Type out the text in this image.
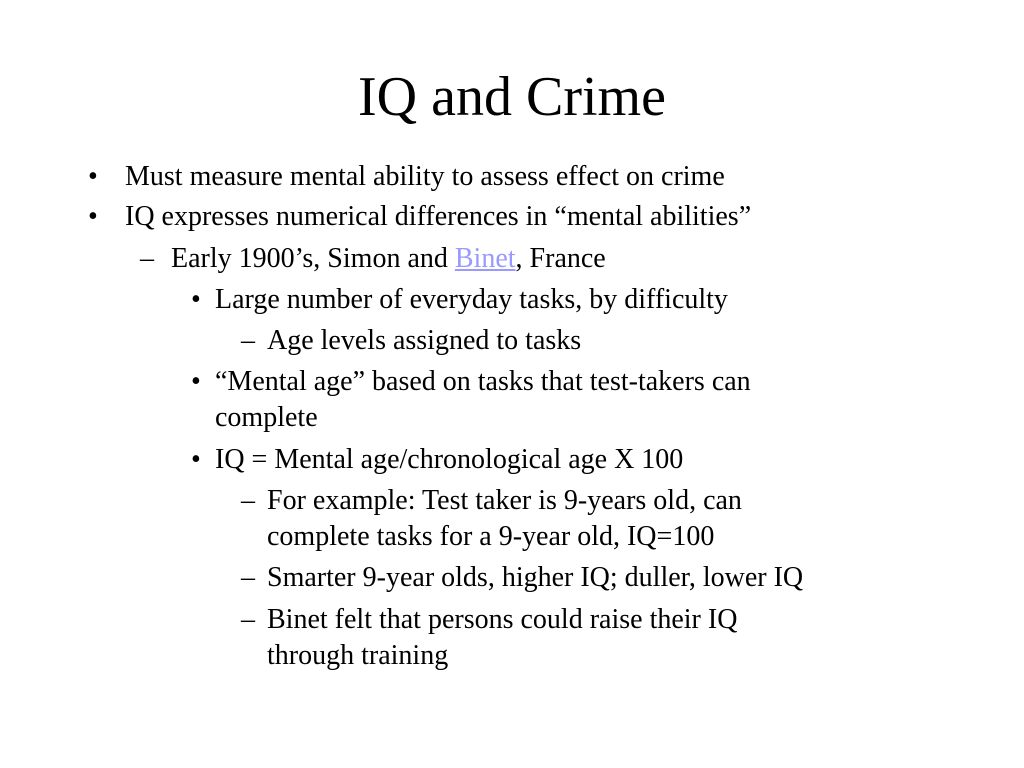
IQ and Crime
• Must measure mental ability to assess effect on crime
• IQ expresses numerical differences in “mental abilities”
– Early 1900’s, Simon and Binet, France
• Large number of everyday tasks, by difficulty
– Age levels assigned to tasks
• “Mental age” based on tasks that test-takers can
complete
• IQ = Mental age/chronological age X 100
– For example: Test taker is 9-years old, can
complete tasks for a 9-year old, IQ=100
– Smarter 9-year olds, higher IQ; duller, lower IQ
– Binet felt that persons could raise their IQ
through training
